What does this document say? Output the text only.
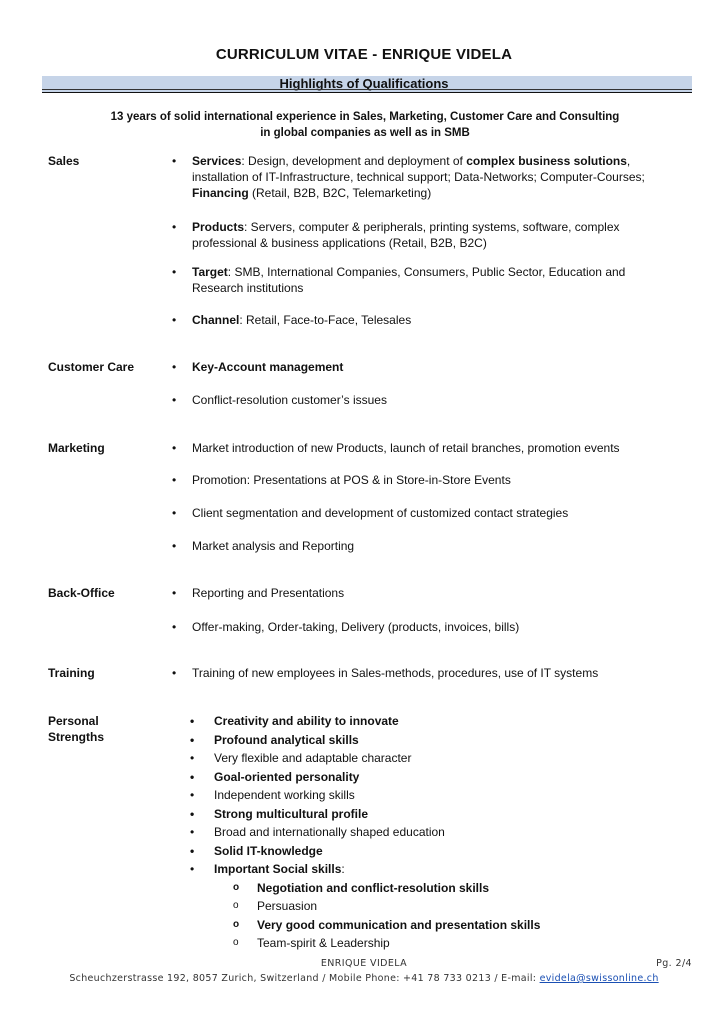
CURRICULUM VITAE - ENRIQUE VIDELA
Highlights of Qualifications
13 years of solid international experience in Sales, Marketing, Customer Care and Consulting
in global companies as well as in SMB
Sales	• Services: Design, development and deployment of complex business solutions, installation of IT-Infrastructure, technical support; Data-Networks; Computer-Courses; Financing (Retail, B2B, B2C, Telemarketing)
• Products: Servers, computer & peripherals, printing systems, software, complex professional & business applications (Retail, B2B, B2C)
• Target: SMB, International Companies, Consumers, Public Sector, Education and Research institutions
• Channel: Retail, Face-to-Face, Telesales
Customer Care	• Key-Account management
• Conflict-resolution customer’s issues
Marketing	• Market introduction of new Products, launch of retail branches, promotion events
• Promotion: Presentations at POS & in Store-in-Store Events
• Client segmentation and development of customized contact strategies
• Market analysis and Reporting
Back-Office	• Reporting and Presentations
• Offer-making, Order-taking, Delivery (products, invoices, bills)
Training	• Training of new employees in Sales-methods, procedures, use of IT systems
Personal
Strengths
• Creativity and ability to innovate
• Profound analytical skills
• Very flexible and adaptable character
• Goal-oriented personality
• Independent working skills
• Strong multicultural profile
• Broad and internationally shaped education
• Solid IT-knowledge
• Important Social skills:
o Negotiation and conflict-resolution skills
o Persuasion
o Very good communication and presentation skills
o Team-spirit & Leadership
ENRIQUE VIDELA	Pg. 2/4
Scheuchzerstrasse 192, 8057 Zurich, Switzerland / Mobile Phone: +41 78 733 0213 / E-mail: evidela@swissonline.ch
